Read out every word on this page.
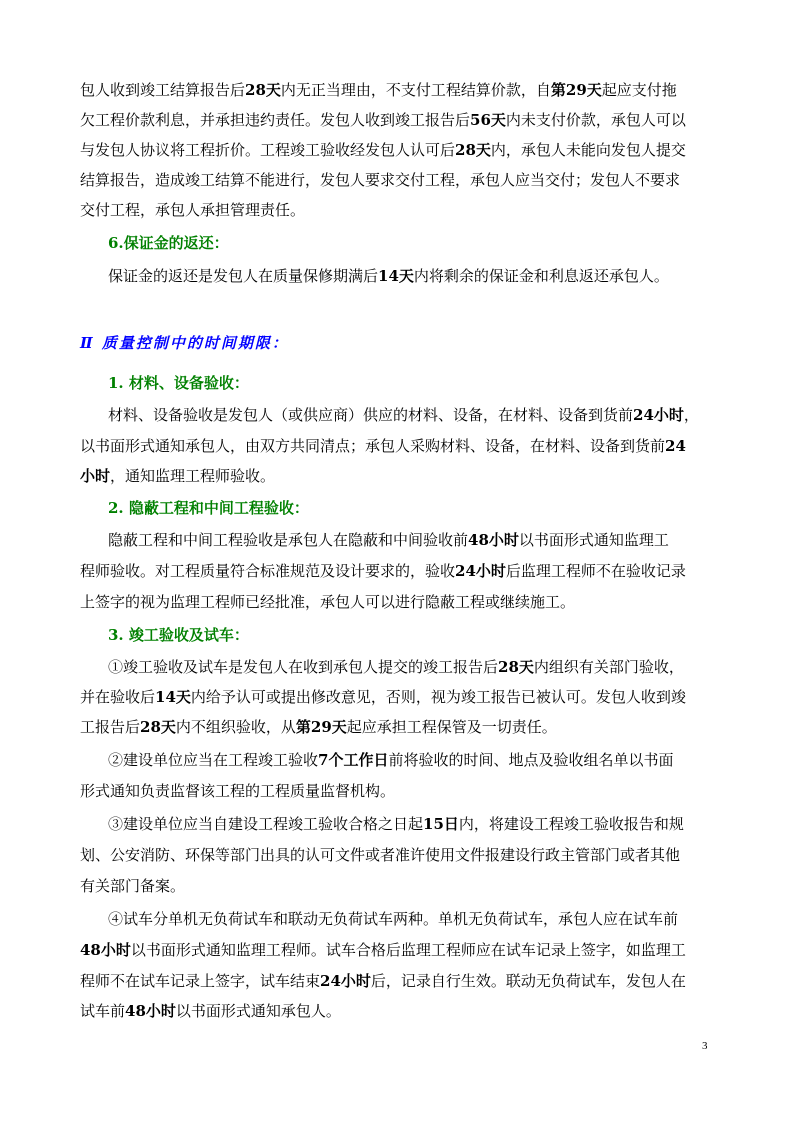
包人收到竣工结算报告后28天内无正当理由，不支付工程结算价款，自第29天起应支付拖
欠工程价款利息，并承担违约责任。发包人收到竣工报告后56天内未支付价款，承包人可以
与发包人协议将工程折价。工程竣工验收经发包人认可后28天内，承包人未能向发包人提交
结算报告，造成竣工结算不能进行，发包人要求交付工程，承包人应当交付；发包人不要求
交付工程，承包人承担管理责任。
6.保证金的返还：
保证金的返还是发包人在质量保修期满后14天内将剩余的保证金和利息返还承包人。
Ⅱ 质量控制中的时间期限：
1. 材料、设备验收：
材料、设备验收是发包人（或供应商）供应的材料、设备，在材料、设备到货前24小时，
以书面形式通知承包人，由双方共同清点；承包人采购材料、设备，在材料、设备到货前24
小时，通知监理工程师验收。
2. 隐蔽工程和中间工程验收：
隐蔽工程和中间工程验收是承包人在隐蔽和中间验收前48小时以书面形式通知监理工
程师验收。对工程质量符合标准规范及设计要求的，验收24小时后监理工程师不在验收记录
上签字的视为监理工程师已经批准，承包人可以进行隐蔽工程或继续施工。
3. 竣工验收及试车：
①竣工验收及试车是发包人在收到承包人提交的竣工报告后28天内组织有关部门验收，
并在验收后14天内给予认可或提出修改意见，否则，视为竣工报告已被认可。发包人收到竣
工报告后28天内不组织验收，从第29天起应承担工程保管及一切责任。
②建设单位应当在工程竣工验收7个工作日前将验收的时间、地点及验收组名单以书面
形式通知负责监督该工程的工程质量监督机构。
③建设单位应当自建设工程竣工验收合格之日起15日内，将建设工程竣工验收报告和规
划、公安消防、环保等部门出具的认可文件或者准许使用文件报建设行政主管部门或者其他
有关部门备案。
④试车分单机无负荷试车和联动无负荷试车两种。单机无负荷试车，承包人应在试车前
48小时以书面形式通知监理工程师。试车合格后监理工程师应在试车记录上签字，如监理工
程师不在试车记录上签字，试车结束24小时后，记录自行生效。联动无负荷试车，发包人在
试车前48小时以书面形式通知承包人。
3
